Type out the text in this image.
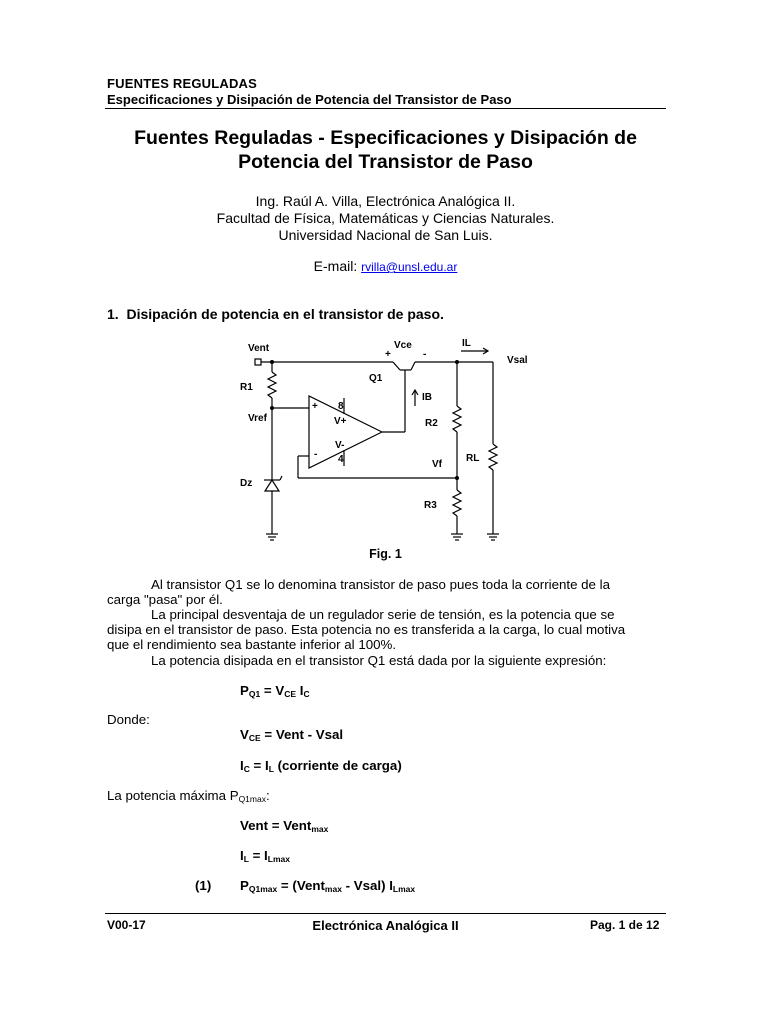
FUENTES REGULADAS
Especificaciones y Disipación de Potencia del Transistor de Paso
Fuentes Reguladas - Especificaciones y Disipación de
Potencia del Transistor de Paso
Ing. Raúl A. Villa, Electrónica Analógica II.
Facultad de Física, Matemáticas y Ciencias Naturales.
Universidad Nacional de San Luis.
E-mail: rvilla@unsl.edu.ar
1. Disipación de potencia en el transistor de paso.
Vent	Vce
+	-
IL
Vsal
Q1
R1
Vref
+
-
8
V+
V-
4
IB
R2
Vf
RL
Dz
R3
Fig. 1
Al transistor Q1 se lo denomina transistor de paso pues toda la corriente de la
carga "pasa" por él.
La principal desventaja de un regulador serie de tensión, es la potencia que se
disipa en el transistor de paso. Esta potencia no es transferida a la carga, lo cual motiva
que el rendimiento sea bastante inferior al 100%.
La potencia disipada en el transistor Q1 está dada por la siguiente expresión:
$P_{Q1} = V_{CE}$ $I_C$
Donde:
$V_{CE}$ = Vent - Vsal
$I_C = I_L$ (corriente de carga)
La potencia máxima $P_{Q1max}$:
Vent = Vent$_{max}$
$I_L = I_{Lmax}$
(1) $P_{Q1max}$ = (Vent$_{max}$ - Vsal) $I_{Lmax}$
V00-17	Electrónica Analógica II	Pag. 1 de 12
